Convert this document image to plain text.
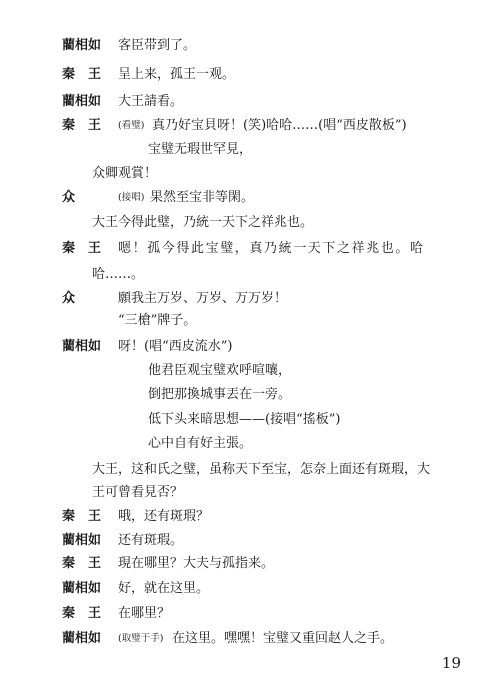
藺相如 客臣带到了。
秦　王 呈上来，孤王一观。
藺相如 大王請看。
秦　王 (看璧) 真乃好宝貝呀！(笑)哈哈……(唱“西皮散板”)
宝璧无瑕世罕見，
众卿观賞！
众	(接唱) 果然至宝非等閑。
大王今得此璧，乃統一天下之祥兆也。
秦　王 嗯！孤今得此宝璧，真乃統一天下之祥兆也。哈
哈……。
众	願我主万岁、万岁、万万岁！
“三槍”牌子。
藺相如 呀！(唱“西皮流水”)
他君臣观宝璧欢呼喧嚷，
倒把那換城事丟在一旁。
低下头来暗思想——(接唱“搖板”)
心中自有好主張。
大王，这和氏之璧，虽称天下至宝，怎奈上面还有斑瑕，大
王可曾看見否？
秦　王 哦，还有斑瑕？
藺相如 还有斑瑕。
秦　王 現在哪里？大夫与孤指来。
藺相如 好，就在这里。
秦　王 在哪里？
藺相如 (取璧于手) 在这里。嘿嘿！宝璧又重回赵人之手。
19
